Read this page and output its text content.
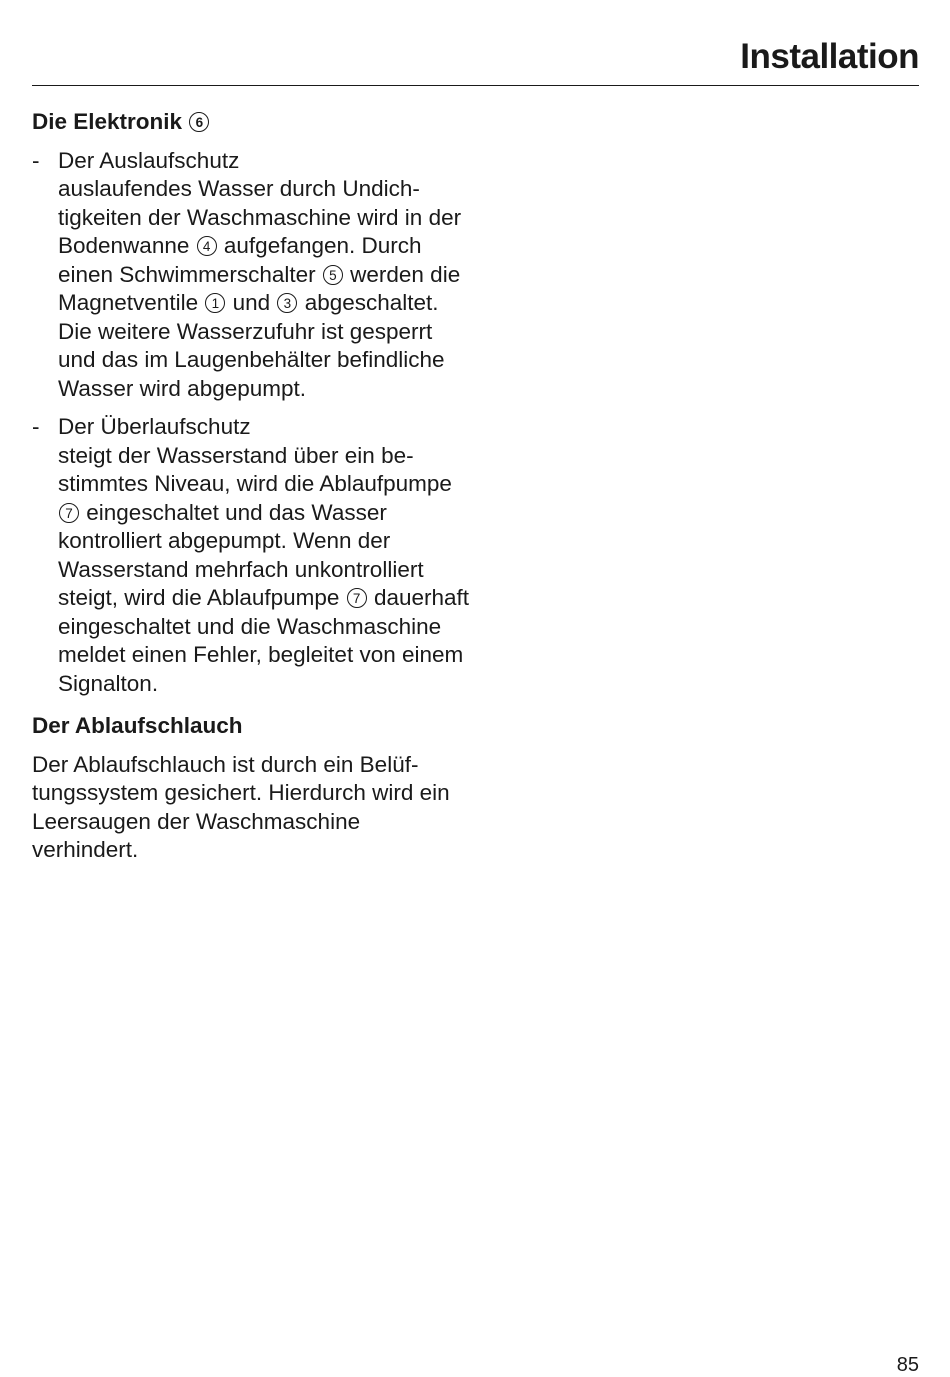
Installation
Die Elektronik 6
- Der Auslaufschutz
auslaufendes Wasser durch Undichtigkeiten der Waschmaschine wird in der Bodenwanne 4 aufgefangen. Durch einen Schwimmerschalter 5 werden die Magnetventile 1 und 3 abgeschaltet. Die weitere Wasserzufuhr ist gesperrt und das im Laugenbehälter befindliche Wasser wird abgepumpt.
- Der Überlaufschutz
steigt der Wasserstand über ein bestimmtes Niveau, wird die Ablaufpumpe 7 eingeschaltet und das Wasser kontrolliert abgepumpt. Wenn der Wasserstand mehrfach unkontrolliert steigt, wird die Ablaufpumpe 7 dauerhaft eingeschaltet und die Waschmaschine meldet einen Fehler, begleitet von einem Signalton.
Der Ablaufschlauch

Der Ablaufschlauch ist durch ein Belüftungssystem gesichert. Hierdurch wird ein Leersaugen der Waschmaschine verhindert.

85
